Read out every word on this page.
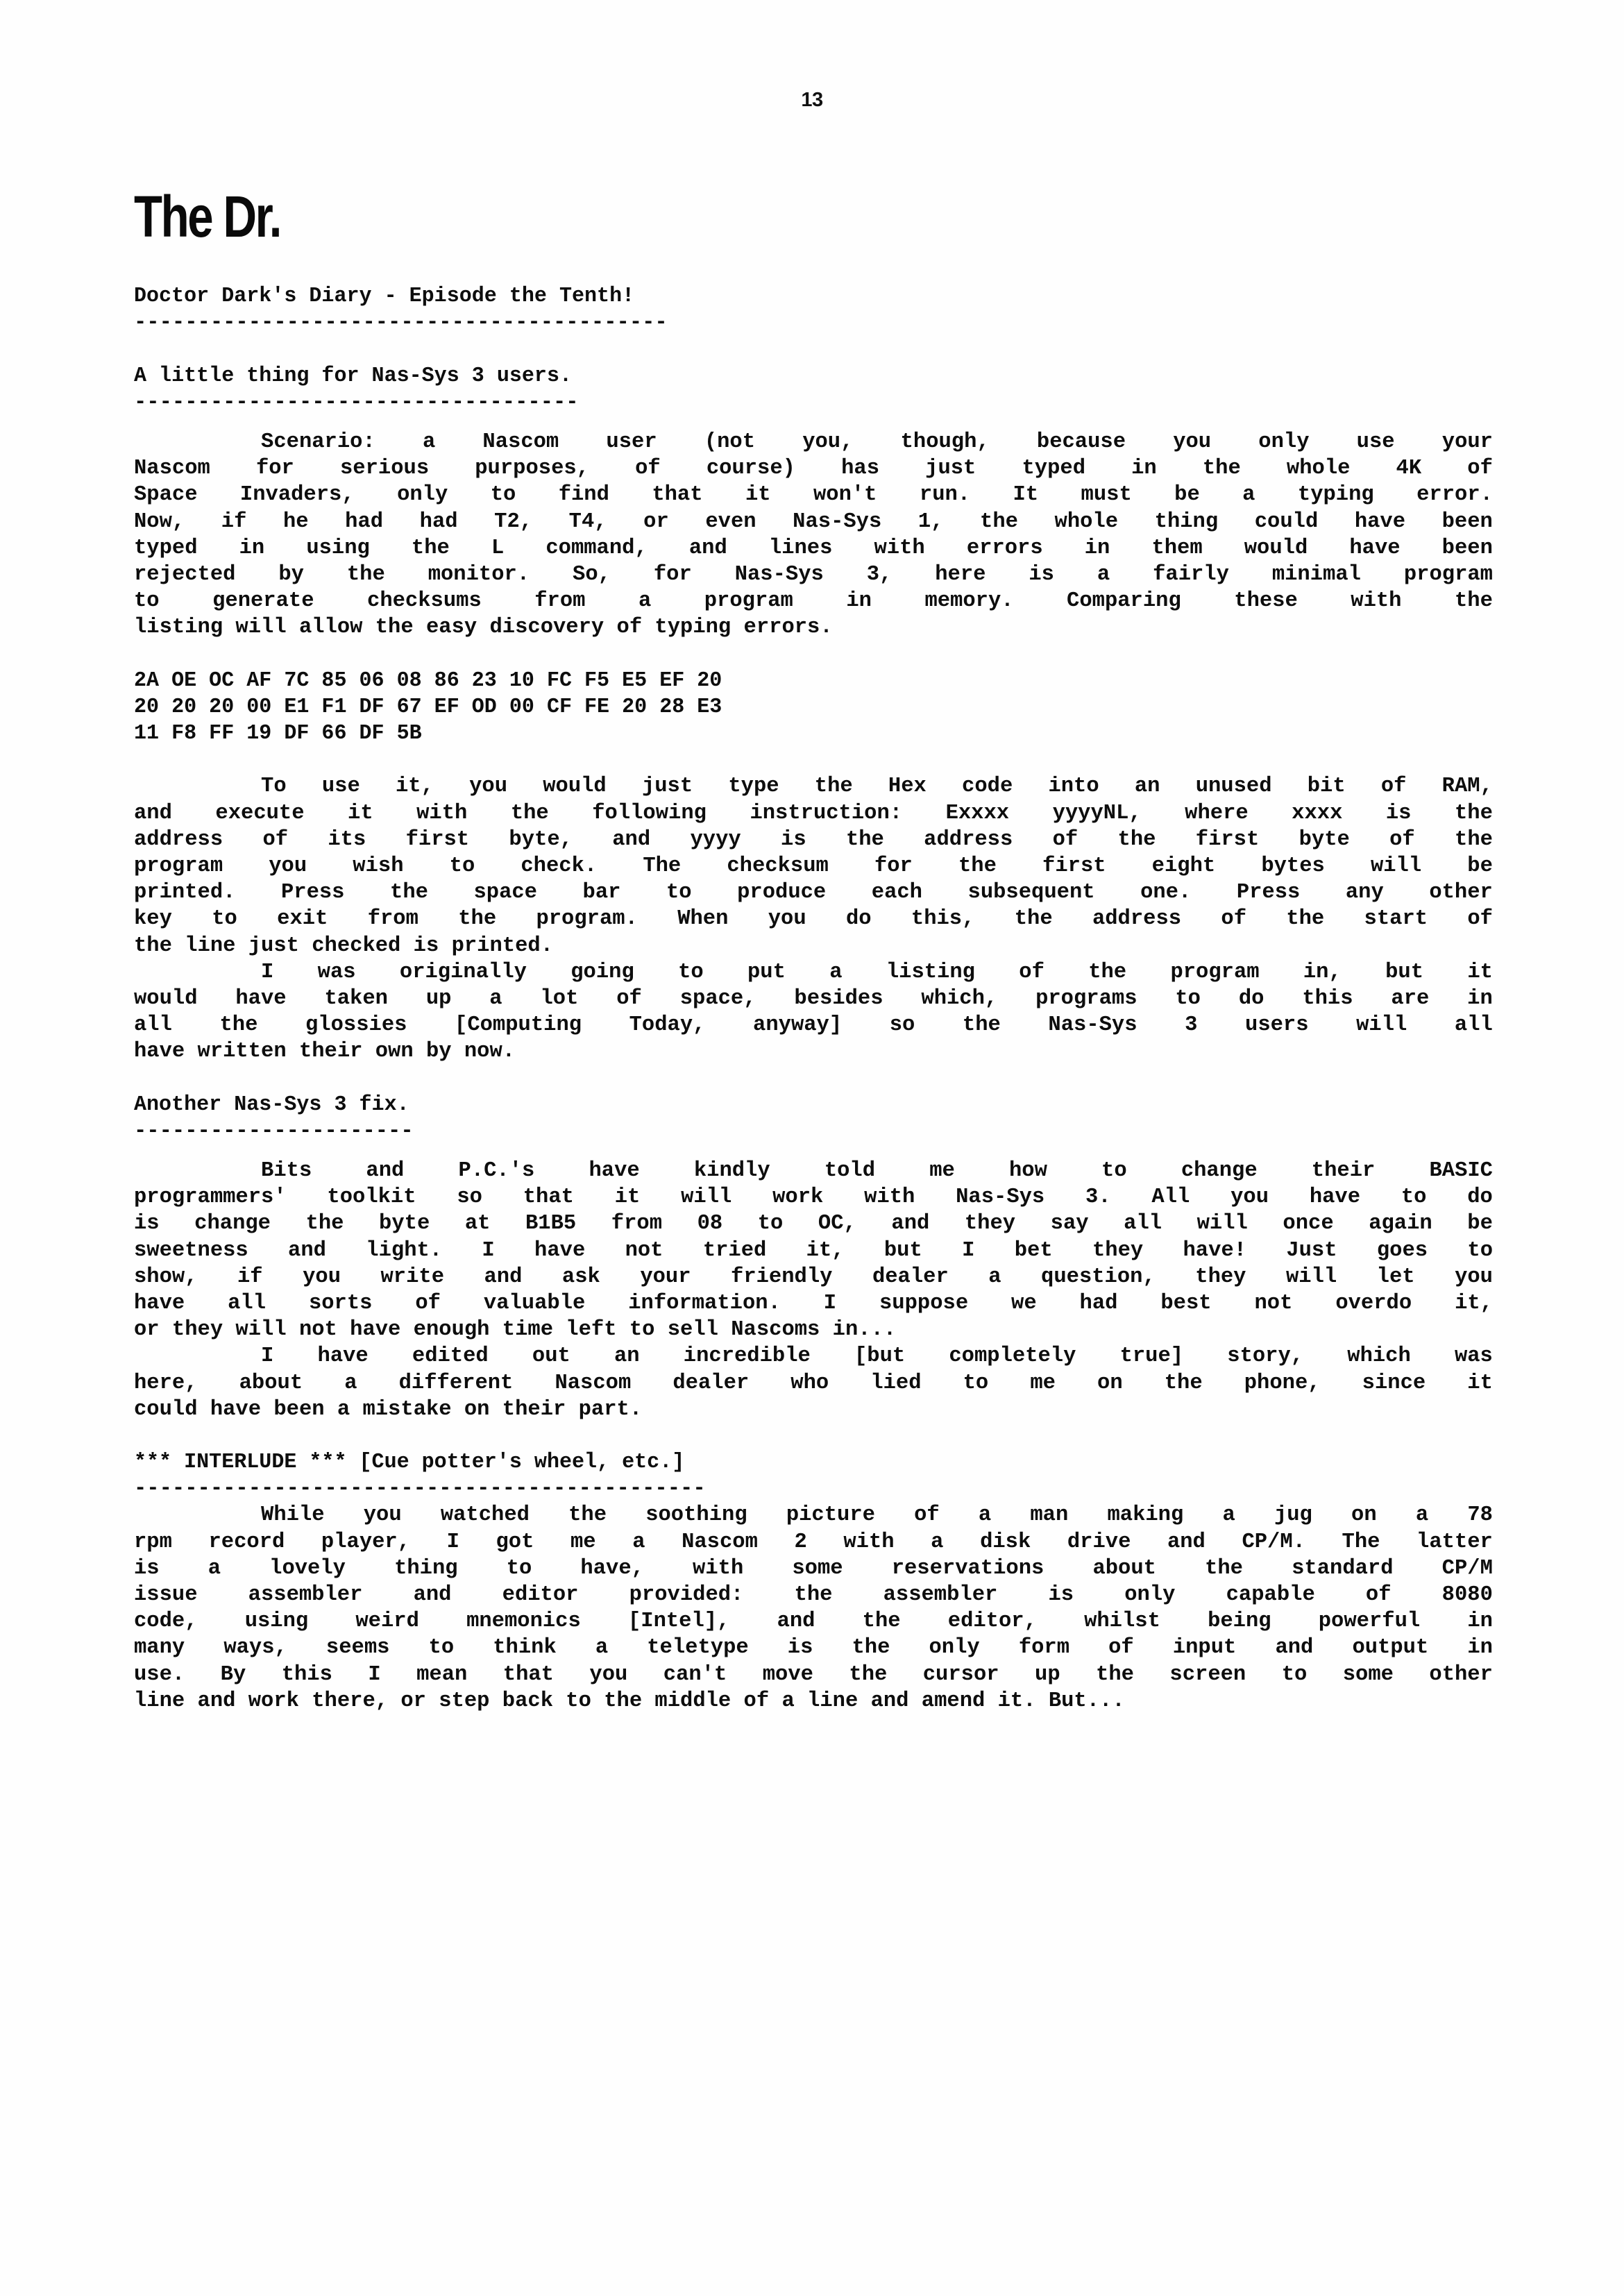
13
The Dr.
Doctor Dark's Diary - Episode the Tenth!
------------------------------------------
A little thing for Nas-Sys 3 users.
-----------------------------------
Scenario: a Nascom user (not you, though, because you only use your
Nascom for serious purposes, of course) has just typed in the whole 4K of
Space Invaders, only to find that it won't run. It must be a typing error.
Now, if he had had T2, T4, or even Nas-Sys 1, the whole thing could have been
typed in using the L command, and lines with errors in them would have been
rejected by the monitor. So, for Nas-Sys 3, here is a fairly minimal program
to	generate	checksums	from	a	program	in	memory.	Comparing	these	with	the
listing will allow the easy discovery of typing errors.
2A OE OC AF 7C 85 06 08 86 23 10 FC F5 E5 EF 20
20 20 20 00 E1 F1 DF 67 EF OD 00 CF FE 20 28 E3
11 F8 FF 19 DF 66 DF 5B
To use it, you would just type the Hex code into an unused bit of RAM,
and execute it with the following instruction: Exxxx yyyyNL, where xxxx is the
address of its first byte, and yyyy is the address of the first byte of the
program you wish to check. The checksum for the first eight bytes will be
printed. Press the space bar to produce each subsequent one. Press any other
key to exit from the program. When you do this, the address of the start of
the line just checked is printed.
I was originally going to put a listing of the program in, but it
would have taken up a lot of space, besides which, programs to do this are in
all the glossies [Computing Today, anyway] so the Nas-Sys 3 users will all
have written their own by now.
Another Nas-Sys 3 fix.
----------------------
Bits	and	P.C.'s	have	kindly	told	me	how	to	change	their	BASIC
programmers' toolkit so that it will work with Nas-Sys 3. All you have to do
is change the byte at B1B5 from 08 to OC, and they say all will once again be
sweetness and light. I have not tried it, but I bet they have! Just goes to
show, if you write and ask your friendly dealer a question, they will let you
have all sorts of valuable information. I suppose we had best not overdo it,
or they will not have enough time left to sell Nascoms in...
I have edited out an incredible [but completely true] story, which was
here, about a different Nascom dealer who lied to me on the phone, since it
could have been a mistake on their part.
*** INTERLUDE *** [Cue potter's wheel, etc.]
---------------------------------------------
While you watched the soothing picture of a man making a jug on a 78
rpm record player, I got me a Nascom 2 with a disk drive and CP/M. The latter
is a lovely thing to have, with some reservations about the standard CP/M
issue assembler and editor provided: the assembler is only capable of 8080
code, using weird mnemonics [Intel], and the editor, whilst being powerful in
many ways, seems to think a teletype is the only form of input and output in
use. By this I mean that you can't move the cursor up the screen to some other
line and work there, or step back to the middle of a line and amend it. But...
